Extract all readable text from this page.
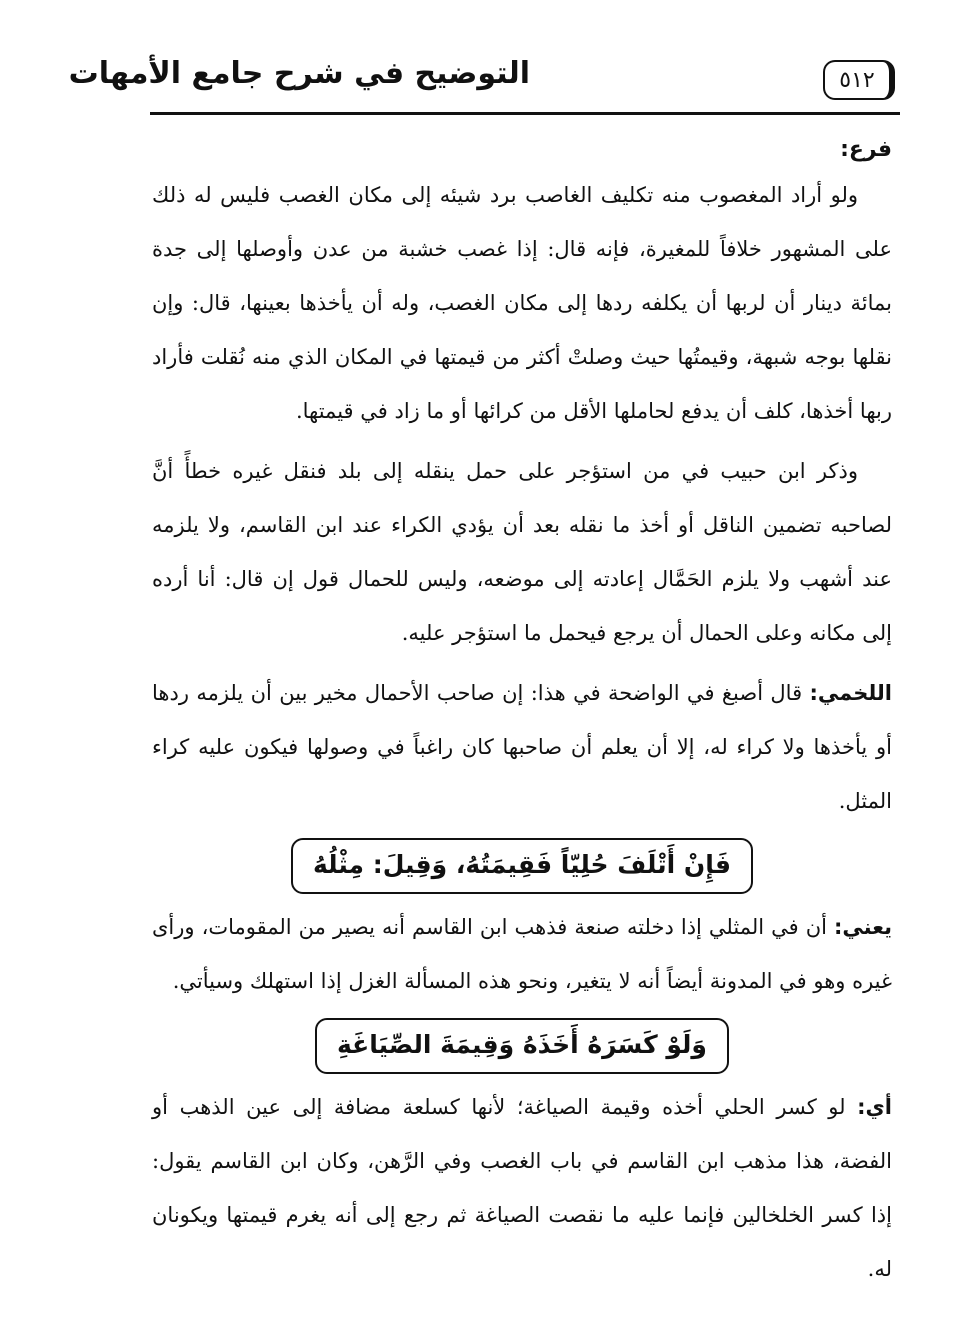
التوضيح في شرح جامع الأمهات	٥١٢

فرع:

ولو أراد المغصوب منه تكليف الغاصب برد شيئه إلى مكان الغصب فليس له ذلك على المشهور خلافاً للمغيرة، فإنه قال: إذا غصب خشبة من عدن وأوصلها إلى جدة بمائة دينار أن لربها أن يكلفه ردها إلى مكان الغصب، وله أن يأخذها بعينها، قال: وإن نقلها بوجه شبهة، وقيمتُها حيث وصلتْ أكثر من قيمتها في المكان الذي منه نُقلت فأراد ربها أخذها، كلف أن يدفع لحاملها الأقل من كرائها أو ما زاد في قيمتها.

وذكر ابن حبيب في من استؤجر على حمل ينقله إلى بلد فنقل غيره خطأً أنَّ لصاحبه تضمين الناقل أو أخذ ما نقله بعد أن يؤدي الكراء عند ابن القاسم، ولا يلزمه عند أشهب ولا يلزم الحَمَّال إعادته إلى موضعه، وليس للحمال قول إن قال: أنا أرده إلى مكانه وعلى الحمال أن يرجع فيحمل ما استؤجر عليه.

اللخمي: قال أصبغ في الواضحة في هذا: إن صاحب الأحمال مخير بين أن يلزمه ردها أو يأخذها ولا كراء له، إلا أن يعلم أن صاحبها كان راغباً في وصولها فيكون عليه كراء المثل.

فَإِنْ أَتْلَفَ حُلِيّاً فَقِيمَتُهُ، وَقِيلَ: مِثْلُهُ

يعني: أن في المثلي إذا دخلته صنعة فذهب ابن القاسم أنه يصير من المقومات، ورأى غيره وهو في المدونة أيضاً أنه لا يتغير، ونحو هذه المسألة الغزل إذا استهلك وسيأتي.

وَلَوْ كَسَرَهُ أَخَذَهُ وَقِيمَةَ الصِّيَاغَةِ

أي: لو كسر الحلي أخذه وقيمة الصياغة؛ لأنها كسلعة مضافة إلى عين الذهب أو الفضة، هذا مذهب ابن القاسم في باب الغصب وفي الرَّهن، وكان ابن القاسم يقول: إذا كسر الخلخالين فإنما عليه ما نقصت الصياغة ثم رجع إلى أنه يغرم قيمتها ويكونان له.
